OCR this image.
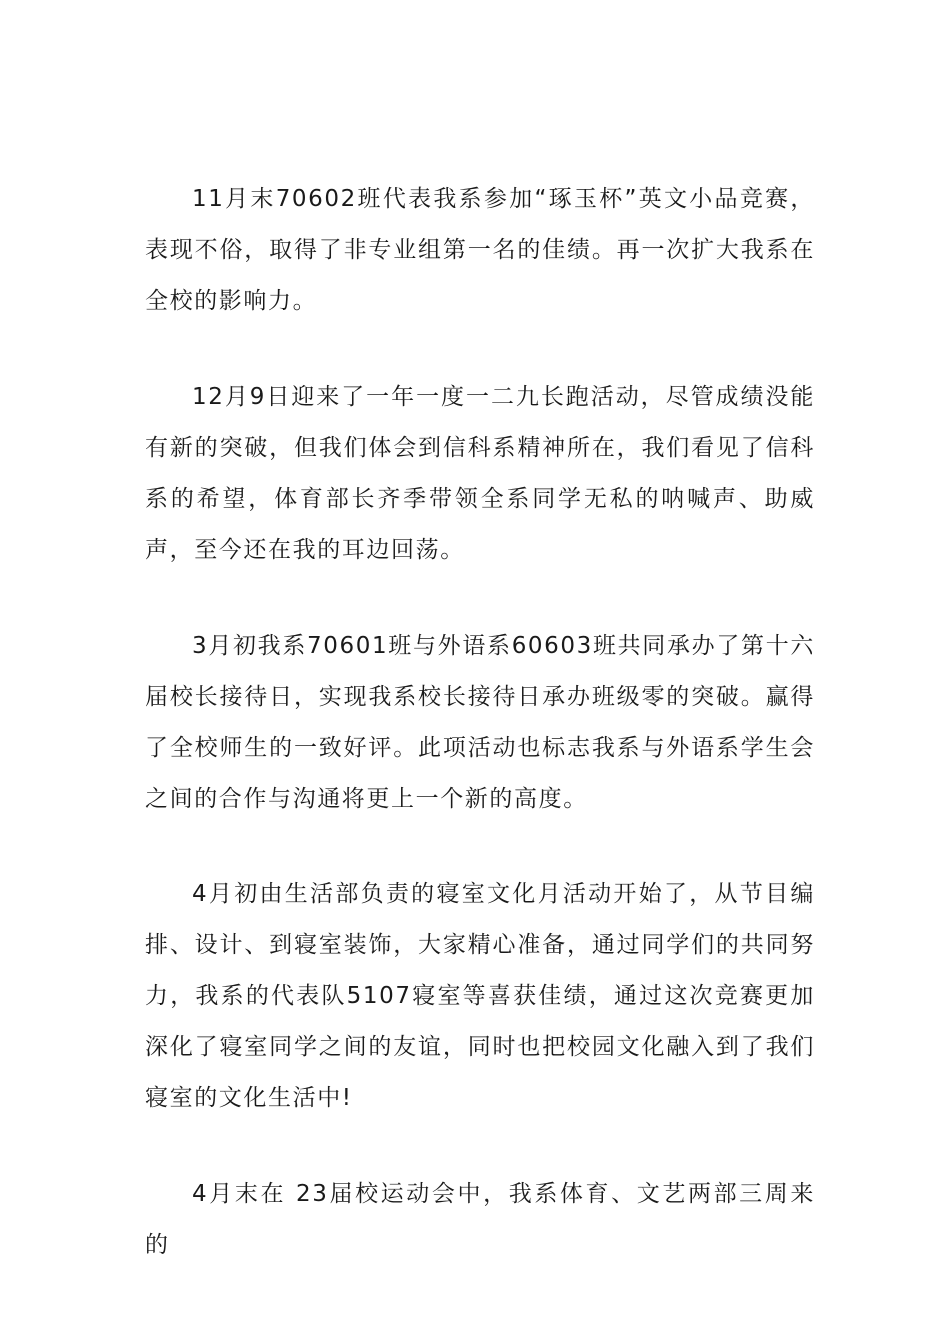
11月末70602班代表我系参加“琢玉杯”英文小品竞赛，表现不俗，取得了非专业组第一名的佳绩。再一次扩大我系在全校的影响力。

12月9日迎来了一年一度一二九长跑活动，尽管成绩没能有新的突破，但我们体会到信科系精神所在，我们看见了信科系的希望，体育部长齐季带领全系同学无私的呐喊声、助威声，至今还在我的耳边回荡。

3月初我系70601班与外语系60603班共同承办了第十六届校长接待日，实现我系校长接待日承办班级零的突破。赢得了全校师生的一致好评。此项活动也标志我系与外语系学生会之间的合作与沟通将更上一个新的高度。

4月初由生活部负责的寝室文化月活动开始了，从节目编排、设计、到寝室装饰，大家精心准备，通过同学们的共同努力，我系的代表队5107寝室等喜获佳绩，通过这次竞赛更加深化了寝室同学之间的友谊，同时也把校园文化融入到了我们寝室的文化生活中!

4月末在 23届校运动会中，我系体育、文艺两部三周来的
